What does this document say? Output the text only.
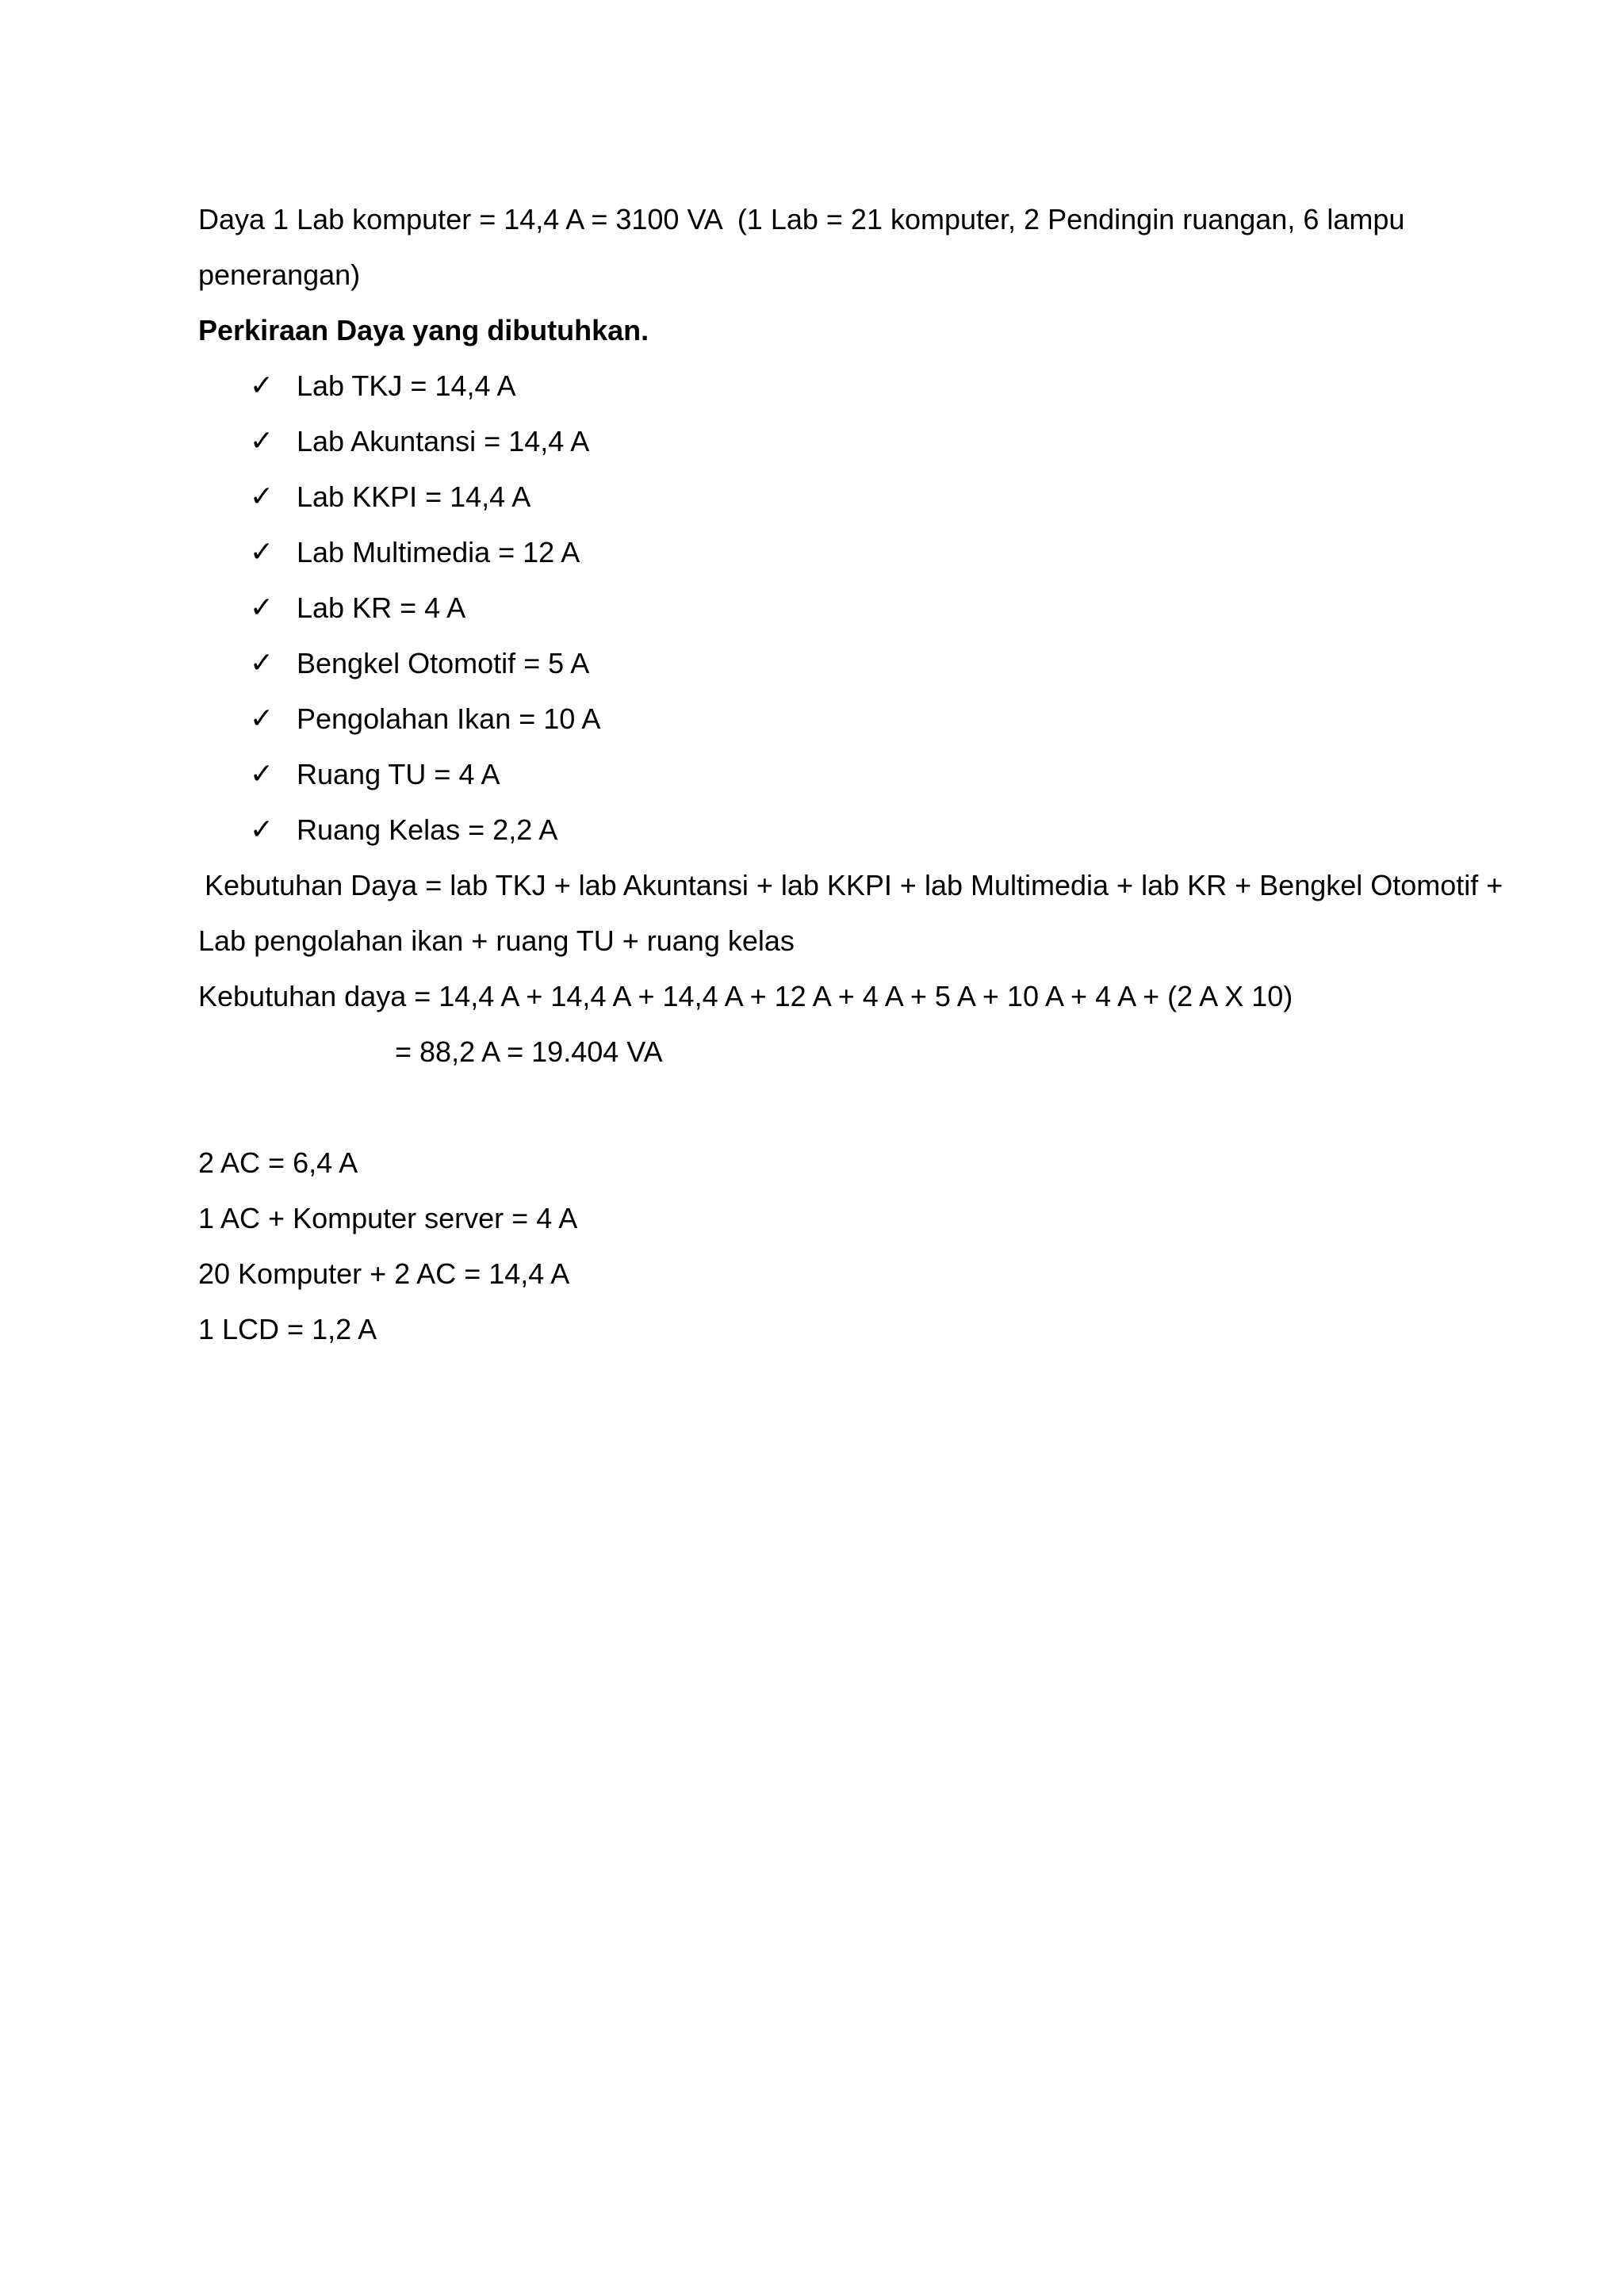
Daya 1 Lab komputer = 14,4 A = 3100 VA  (1 Lab = 21 komputer, 2 Pendingin ruangan, 6 lampu

penerangan)

Perkiraan Daya yang dibutuhkan.

✓ Lab TKJ = 14,4 A
✓ Lab Akuntansi = 14,4 A
✓ Lab KKPI = 14,4 A
✓ Lab Multimedia = 12 A
✓ Lab KR = 4 A
✓ Bengkel Otomotif = 5 A
✓ Pengolahan Ikan = 10 A
✓ Ruang TU = 4 A
✓ Ruang Kelas = 2,2 A

Kebutuhan Daya = lab TKJ + lab Akuntansi + lab KKPI + lab Multimedia + lab KR + Bengkel Otomotif +

Lab pengolahan ikan + ruang TU + ruang kelas

Kebutuhan daya = 14,4 A + 14,4 A + 14,4 A + 12 A + 4 A + 5 A + 10 A + 4 A + (2 A X 10)

= 88,2 A = 19.404 VA

2 AC = 6,4 A

1 AC + Komputer server = 4 A

20 Komputer + 2 AC = 14,4 A

1 LCD = 1,2 A
